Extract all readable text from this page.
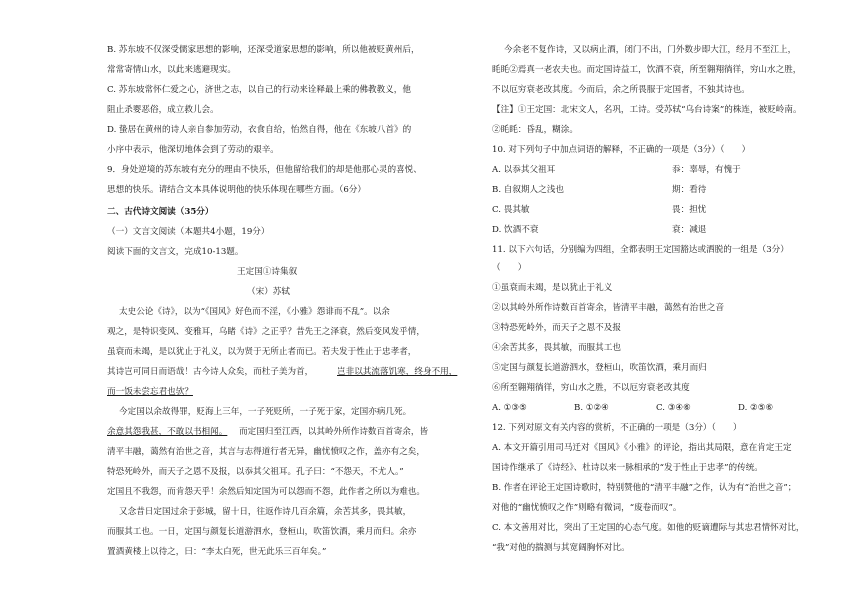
B. 苏东坡不仅深受儒家思想的影响，还深受道家思想的影响，所以他被贬黄州后，
常常寄情山水，以此来逃避现实。
C. 苏东坡常怀仁爱之心，济世之志，以自己的行动来诠释最上乘的佛教教义，他
阻止杀婴恶俗，成立救儿会。
D. 蛰居在黄州的诗人亲自参加劳动，衣食自给，怡然自得，他在《东坡八首》的
小序中表示，他深切地体会到了劳动的艰辛。
9．身处逆境的苏东坡有充分的理由不快乐，但他留给我们的却是他那心灵的喜悦、
思想的快乐。请结合文本具体说明他的快乐体现在哪些方面。（6分）
二、古代诗文阅读（35分）
（一）文言文阅读（本题共4小题，19分）
阅读下面的文言文，完成10-13题。
王定国①诗集叙
（宋）苏轼
太史公论《诗》，以为“《国风》好色而不淫，《小雅》怨诽而不乱”。以余
观之，是特识变风、变雅耳，乌睹《诗》之正乎？昔先王之泽衰，然后变风发乎情，
虽衰而未竭，是以犹止于礼义，以为贤于无所止者而已。若夫发于性止于忠孝者，
其诗岂可同日而语哉！古今诗人众矣，而杜子美为首，	岂非以其流落饥寒，终身不用，
而一饭未尝忘君也欤？
今定国以余故得罪，贬海上三年，一子死贬所，一子死于家，定国亦病几死。
余意其怨我甚，不敢以书相闻。 而定国归至江西，以其岭外所作诗数百首寄余，皆
清平丰融，蔼然有治世之音，其言与志得道行者无异，幽忧愤叹之作，盖亦有之矣，
特恐死岭外，而天子之恩不及报，以忝其父祖耳。孔子曰：“不怨天，不尤人。”
定国且不我怨，而肯怨天乎！余然后知定国为可以怨而不怨，此作者之所以为难也。
又念昔日定国过余于彭城，留十日，往返作诗几百余篇，余苦其多，畏其敏，
而服其工也。一日，定国与颜复长道游泗水，登桓山，吹笛饮酒，乘月而归。余亦
置酒黄楼上以待之，曰：“李太白死，世无此乐三百年矣。”
今余老不复作诗，又以病止酒，闭门不出，门外数步即大江，经月不至江上，
眊眊②焉真一老农夫也。而定国诗益工，饮酒不衰，所至翱翔徜徉，穷山水之胜，
不以厄穷衰老改其度。今而后，余之所畏服于定国者，不独其诗也。
【注】①王定国：北宋文人，名巩，工诗。受苏轼“乌台诗案”的株连，被贬岭南。
②眊眊：昏乱，糊涂。
10. 对下列句子中加点词语的解释，不正确的一项是（3分）（　　）
11. 以下六句话，分别编为四组，全都表明王定国豁达或洒脱的一组是（3分）
（　　）
①虽衰而未竭，是以犹止于礼义
②以其岭外所作诗数百首寄余，皆清平丰融，蔼然有治世之音
③特恐死岭外，而天子之恩不及报
④余苦其多，畏其敏，而服其工也
⑤定国与颜复长道游泗水，登桓山，吹笛饮酒，乘月而归
⑥所至翱翔徜徉，穷山水之胜，不以厄穷衰老改其度
12. 下列对原文有关内容的赏析，不正确的一项是（3分）（　　）
A. 本文开篇引用司马迁对《国风》《小雅》的评论，指出其局限，意在肯定王定
国诗作继承了《诗经》、杜诗以来一脉相承的“发于性止于忠孝”的传统。
B. 作者在评论王定国诗歌时，特别赞他的“清平丰融”之作，认为有“治世之音”；
对他的“幽忧愤叹之作”则略有微词，“废卷而叹”。
C. 本文善用对比，突出了王定国的心态气度。如他的贬谪遭际与其忠君情怀对比，
“我”对他的揣测与其宽阔胸怀对比。
A. 以忝其父祖耳	忝：辜辱，有愧于
B. 自叙期人之浅也	期：看待
C. 畏其敏	畏：担忧
D. 饮酒不衰	衰：减退
A. ①③⑤	B. ①②④	C. ③④⑥	D. ②⑤⑥
